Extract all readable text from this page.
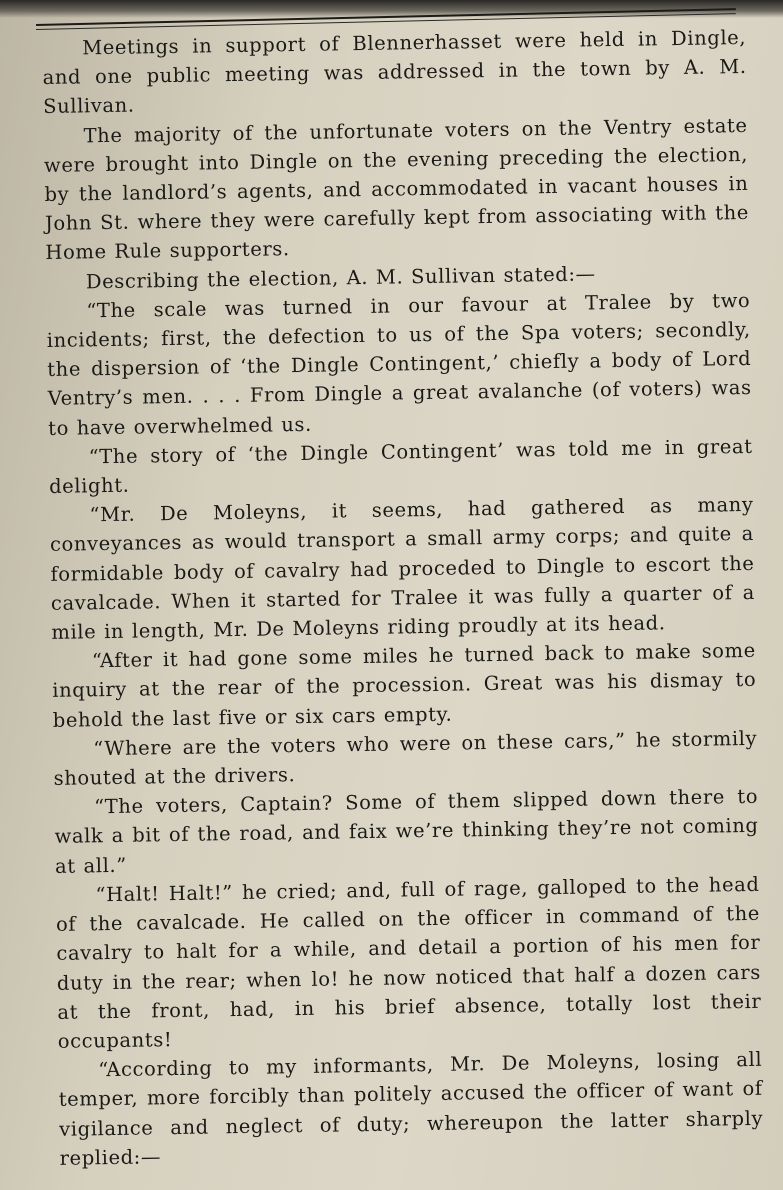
Meetings in support of Blennerhasset were held in Dingle, and one public meeting was addressed in the town by A. M. Sullivan.

The majority of the unfortunate voters on the Ventry estate were brought into Dingle on the evening preceding the election, by the landlord’s agents, and accommodated in vacant houses in John St. where they were carefully kept from associating with the Home Rule supporters.

Describing the election, A. M. Sullivan stated:—

“The scale was turned in our favour at Tralee by two incidents; first, the defection to us of the Spa voters; secondly, the dispersion of ‘the Dingle Contingent,’ chiefly a body of Lord Ventry’s men. . . . From Dingle a great avalanche (of voters) was to have overwhelmed us.

“The story of ‘the Dingle Contingent’ was told me in great delight.

“Mr. De Moleyns, it seems, had gathered as many conveyances as would transport a small army corps; and quite a formidable body of cavalry had proceded to Dingle to escort the cavalcade. When it started for Tralee it was fully a quarter of a mile in length, Mr. De Moleyns riding proudly at its head.

“After it had gone some miles he turned back to make some inquiry at the rear of the procession. Great was his dismay to behold the last five or six cars empty.

“Where are the voters who were on these cars,” he stormily shouted at the drivers.

“The voters, Captain? Some of them slipped down there to walk a bit of the road, and faix we’re thinking they’re not coming at all.”

“Halt! Halt!” he cried; and, full of rage, galloped to the head of the cavalcade. He called on the officer in command of the cavalry to halt for a while, and detail a portion of his men for duty in the rear; when lo! he now noticed that half a dozen cars at the front, had, in his brief absence, totally lost their occupants!

“According to my informants, Mr. De Moleyns, losing all temper, more forcibly than politely accused the officer of want of vigilance and neglect of duty; whereupon the latter sharply replied:—
